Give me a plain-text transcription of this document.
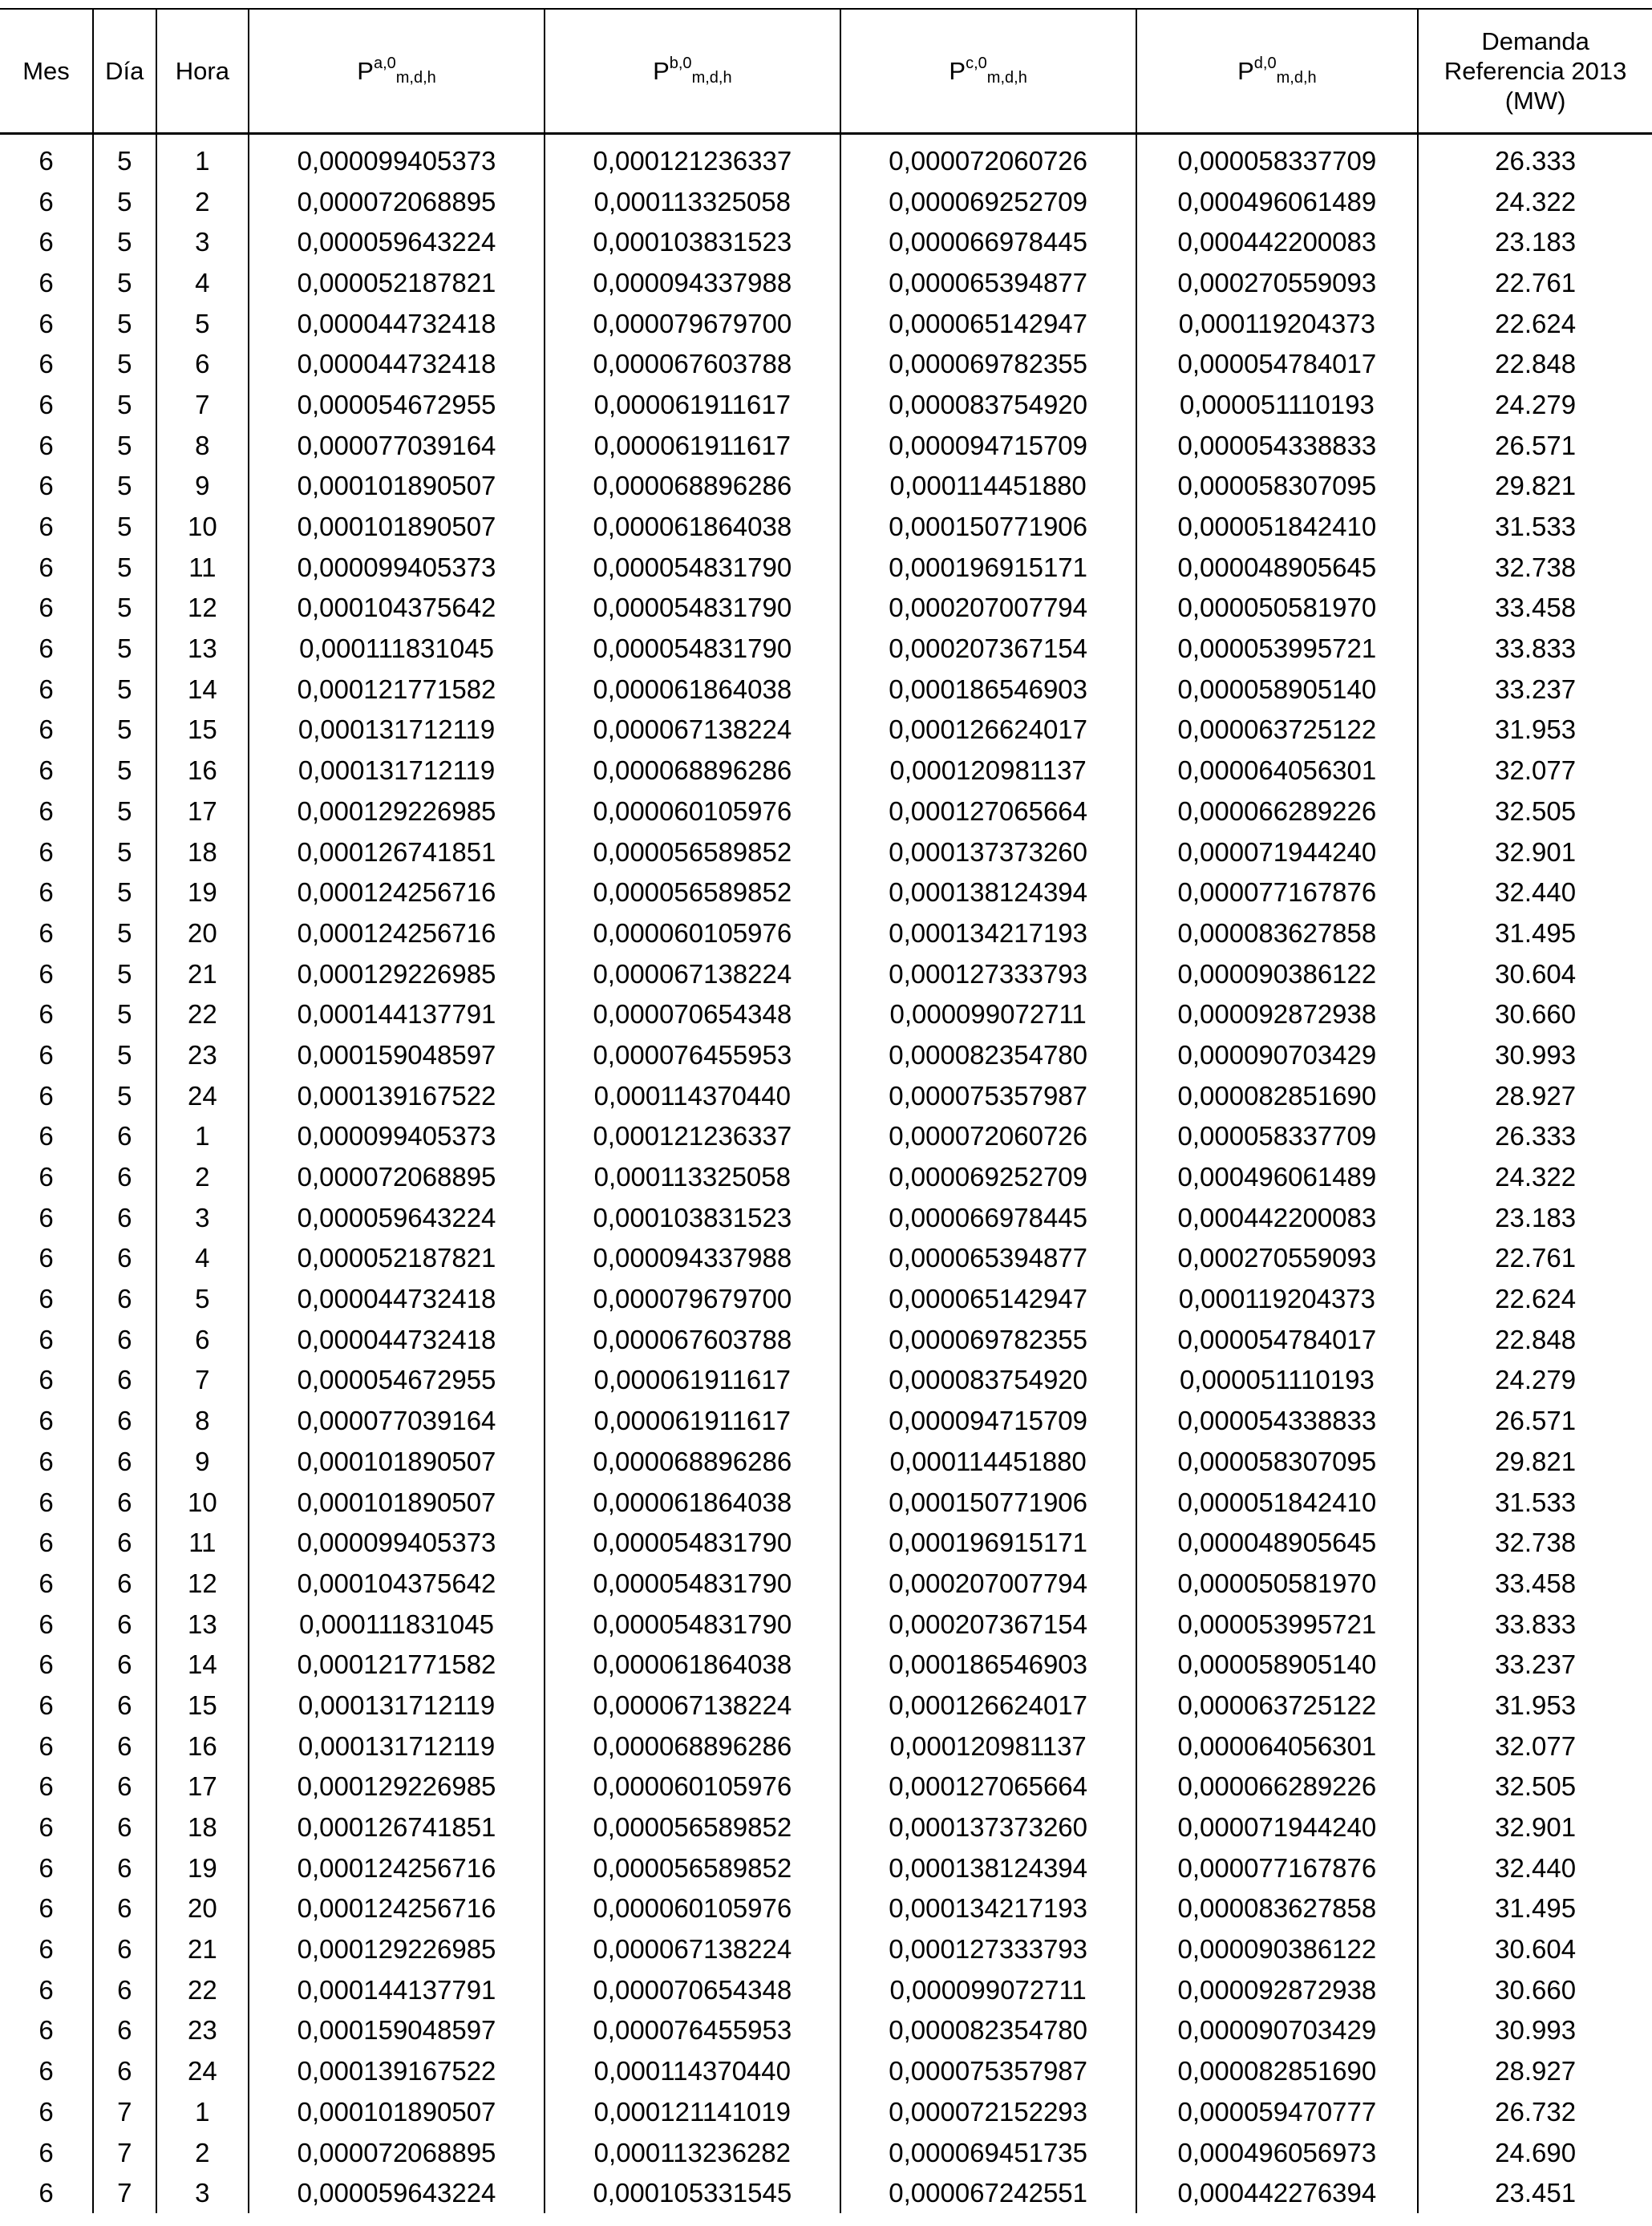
Mes	Día	Hora	P$^{a,0}_{m,d,h}$	P$^{b,0}_{m,d,h}$	P$^{c,0}_{m,d,h}$	P$^{d,0}_{m,d,h}$	Demanda
Referencia 2013
(MW)

6	5	1	0,000099405373	0,000121236337	0,000072060726	0,000058337709	26.333
6	5	2	0,000072068895	0,000113325058	0,000069252709	0,000496061489	24.322
6	5	3	0,000059643224	0,000103831523	0,000066978445	0,000442200083	23.183
6	5	4	0,000052187821	0,000094337988	0,000065394877	0,000270559093	22.761
6	5	5	0,000044732418	0,000079679700	0,000065142947	0,000119204373	22.624
6	5	6	0,000044732418	0,000067603788	0,000069782355	0,000054784017	22.848
6	5	7	0,000054672955	0,000061911617	0,000083754920	0,000051110193	24.279
6	5	8	0,000077039164	0,000061911617	0,000094715709	0,000054338833	26.571
6	5	9	0,000101890507	0,000068896286	0,000114451880	0,000058307095	29.821
6	5	10	0,000101890507	0,000061864038	0,000150771906	0,000051842410	31.533
6	5	11	0,000099405373	0,000054831790	0,000196915171	0,000048905645	32.738
6	5	12	0,000104375642	0,000054831790	0,000207007794	0,000050581970	33.458
6	5	13	0,000111831045	0,000054831790	0,000207367154	0,000053995721	33.833
6	5	14	0,000121771582	0,000061864038	0,000186546903	0,000058905140	33.237
6	5	15	0,000131712119	0,000067138224	0,000126624017	0,000063725122	31.953
6	5	16	0,000131712119	0,000068896286	0,000120981137	0,000064056301	32.077
6	5	17	0,000129226985	0,000060105976	0,000127065664	0,000066289226	32.505
6	5	18	0,000126741851	0,000056589852	0,000137373260	0,000071944240	32.901
6	5	19	0,000124256716	0,000056589852	0,000138124394	0,000077167876	32.440
6	5	20	0,000124256716	0,000060105976	0,000134217193	0,000083627858	31.495
6	5	21	0,000129226985	0,000067138224	0,000127333793	0,000090386122	30.604
6	5	22	0,000144137791	0,000070654348	0,000099072711	0,000092872938	30.660
6	5	23	0,000159048597	0,000076455953	0,000082354780	0,000090703429	30.993
6	5	24	0,000139167522	0,000114370440	0,000075357987	0,000082851690	28.927
6	6	1	0,000099405373	0,000121236337	0,000072060726	0,000058337709	26.333
6	6	2	0,000072068895	0,000113325058	0,000069252709	0,000496061489	24.322
6	6	3	0,000059643224	0,000103831523	0,000066978445	0,000442200083	23.183
6	6	4	0,000052187821	0,000094337988	0,000065394877	0,000270559093	22.761
6	6	5	0,000044732418	0,000079679700	0,000065142947	0,000119204373	22.624
6	6	6	0,000044732418	0,000067603788	0,000069782355	0,000054784017	22.848
6	6	7	0,000054672955	0,000061911617	0,000083754920	0,000051110193	24.279
6	6	8	0,000077039164	0,000061911617	0,000094715709	0,000054338833	26.571
6	6	9	0,000101890507	0,000068896286	0,000114451880	0,000058307095	29.821
6	6	10	0,000101890507	0,000061864038	0,000150771906	0,000051842410	31.533
6	6	11	0,000099405373	0,000054831790	0,000196915171	0,000048905645	32.738
6	6	12	0,000104375642	0,000054831790	0,000207007794	0,000050581970	33.458
6	6	13	0,000111831045	0,000054831790	0,000207367154	0,000053995721	33.833
6	6	14	0,000121771582	0,000061864038	0,000186546903	0,000058905140	33.237
6	6	15	0,000131712119	0,000067138224	0,000126624017	0,000063725122	31.953
6	6	16	0,000131712119	0,000068896286	0,000120981137	0,000064056301	32.077
6	6	17	0,000129226985	0,000060105976	0,000127065664	0,000066289226	32.505
6	6	18	0,000126741851	0,000056589852	0,000137373260	0,000071944240	32.901
6	6	19	0,000124256716	0,000056589852	0,000138124394	0,000077167876	32.440
6	6	20	0,000124256716	0,000060105976	0,000134217193	0,000083627858	31.495
6	6	21	0,000129226985	0,000067138224	0,000127333793	0,000090386122	30.604
6	6	22	0,000144137791	0,000070654348	0,000099072711	0,000092872938	30.660
6	6	23	0,000159048597	0,000076455953	0,000082354780	0,000090703429	30.993
6	6	24	0,000139167522	0,000114370440	0,000075357987	0,000082851690	28.927
6	7	1	0,000101890507	0,000121141019	0,000072152293	0,000059470777	26.732
6	7	2	0,000072068895	0,000113236282	0,000069451735	0,000496056973	24.690
6	7	3	0,000059643224	0,000105331545	0,000067242551	0,000442276394	23.451
